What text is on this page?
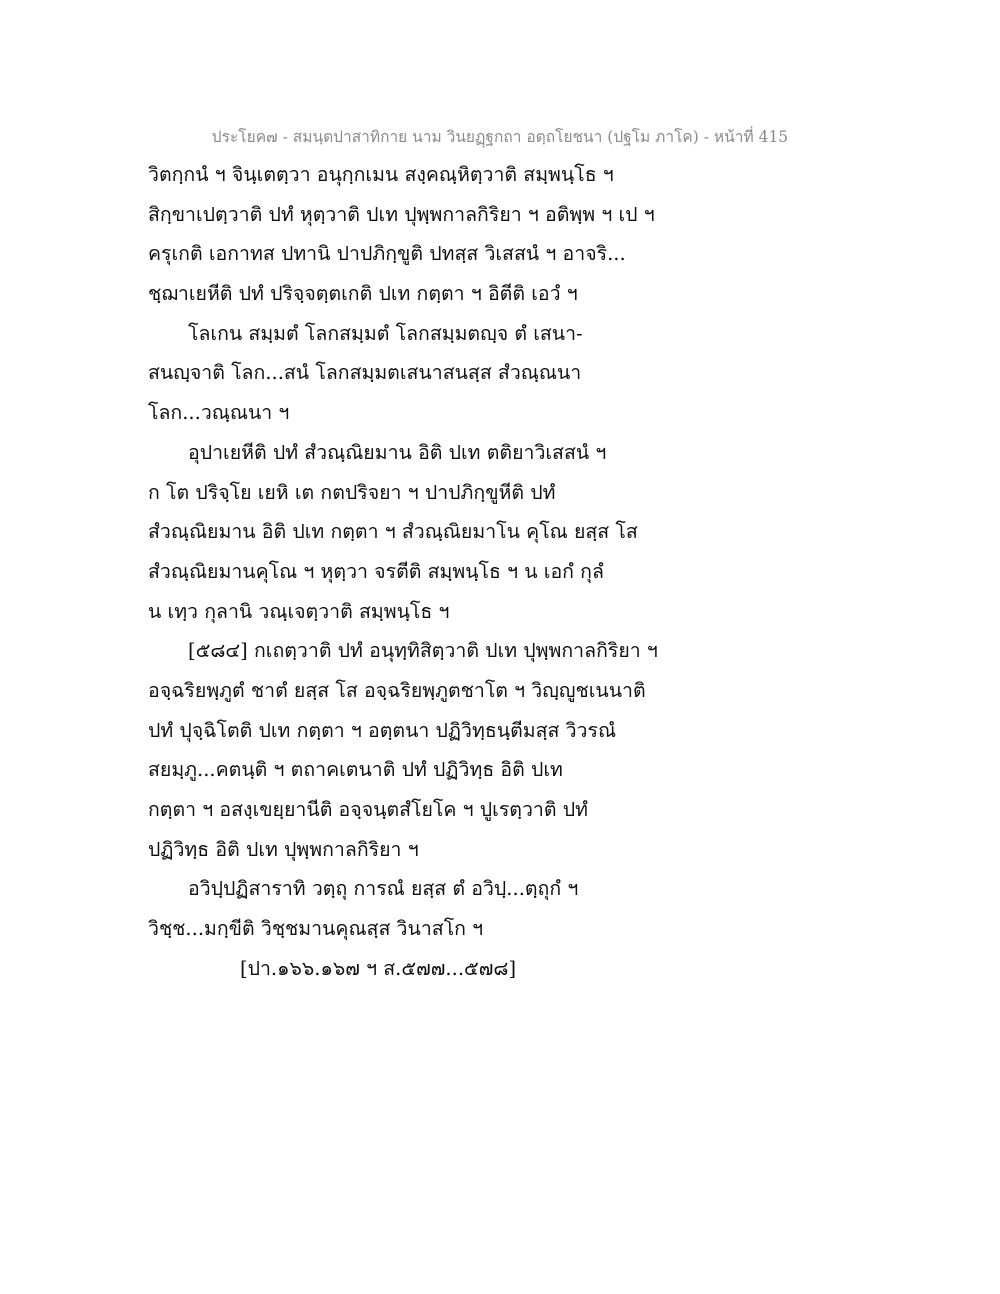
ประโยค๗ - สมนฺตปาสาทิกาย นาม วินยฏฺฐกถา อตฺถโยชนา (ปฐโม ภาโค) - หน้าที่ 415
วิตกฺกนํ ฯ จินฺเตตฺวา อนุกฺกเมน สงฺคณฺหิตฺวาติ สมฺพนฺโธ ฯ
สิกฺขาเปตฺวาติ ปทํ หุตฺวาติ ปเท ปุพฺพกาลกิริยา ฯ อติพฺพ ฯ เป ฯ
ครุเกติ เอกาทส ปทานิ ปาปภิกฺขูติ ปทสฺส วิเสสนํ ฯ อาจริ...
ชฺฌาเยหีติ ปทํ ปริจฺจตฺตเกติ ปเท กตฺตา ฯ อิตีติ เอวํ ฯ
โลเกน สมฺมตํ โลกสมฺมตํ โลกสมฺมตญฺจ ตํ เสนา-
สนญฺจาติ โลก...สนํ โลกสมฺมตเสนาสนสฺส สํวณฺณนา
โลก...วณฺณนา ฯ
อุปาเยหีติ ปทํ สํวณฺณิยมาน อิติ ปเท ตติยาวิเสสนํ ฯ
ก โต ปริจฺโย เยหิ เต กตปริจยา ฯ ปาปภิกฺขูหีติ ปทํ
สํวณฺณิยมาน อิติ ปเท กตฺตา ฯ สํวณฺณิยมาโน คุโณ ยสฺส โส
สํวณฺณิยมานคุโณ ฯ หุตฺวา จรตีติ สมฺพนฺโธ ฯ น เอกํ กุลํ
น เทฺว กุลานิ วณฺเจตฺวาติ สมฺพนฺโธ ฯ
[๕๘๔] กเถตฺวาติ ปทํ อนุทฺทิสิตฺวาติ ปเท ปุพฺพกาลกิริยา ฯ
อจฺฉริยพฺภูตํ ชาตํ ยสฺส โส อจฺฉริยพฺภูตชาโต ฯ วิญฺญูชเนนาติ
ปทํ ปุจฺฉิโตติ ปเท กตฺตา ฯ อตฺตนา ปฏิวิทฺธนฺตีมสฺส วิวรณํ
สยมฺภู...คตนฺติ ฯ ตถาคเตนาติ ปทํ ปฏิวิทฺธ อิติ ปเท
กตฺตา ฯ อสงฺเขยฺยานีติ อจฺจนฺตสํโยโค ฯ ปูเรตฺวาติ ปทํ
ปฏิวิทฺธ อิติ ปเท ปุพฺพกาลกิริยา ฯ
อวิปฺปฏิสาราทิ วตฺถุ การณํ ยสฺส ตํ อวิปฺ...ตฺถุกํ ฯ
วิชฺช...มกฺขีติ วิชฺชมานคุณสฺส วินาสโก ฯ
[ปา.๑๖๖.๑๖๗ ฯ ส.๕๗๗...๕๗๘]
